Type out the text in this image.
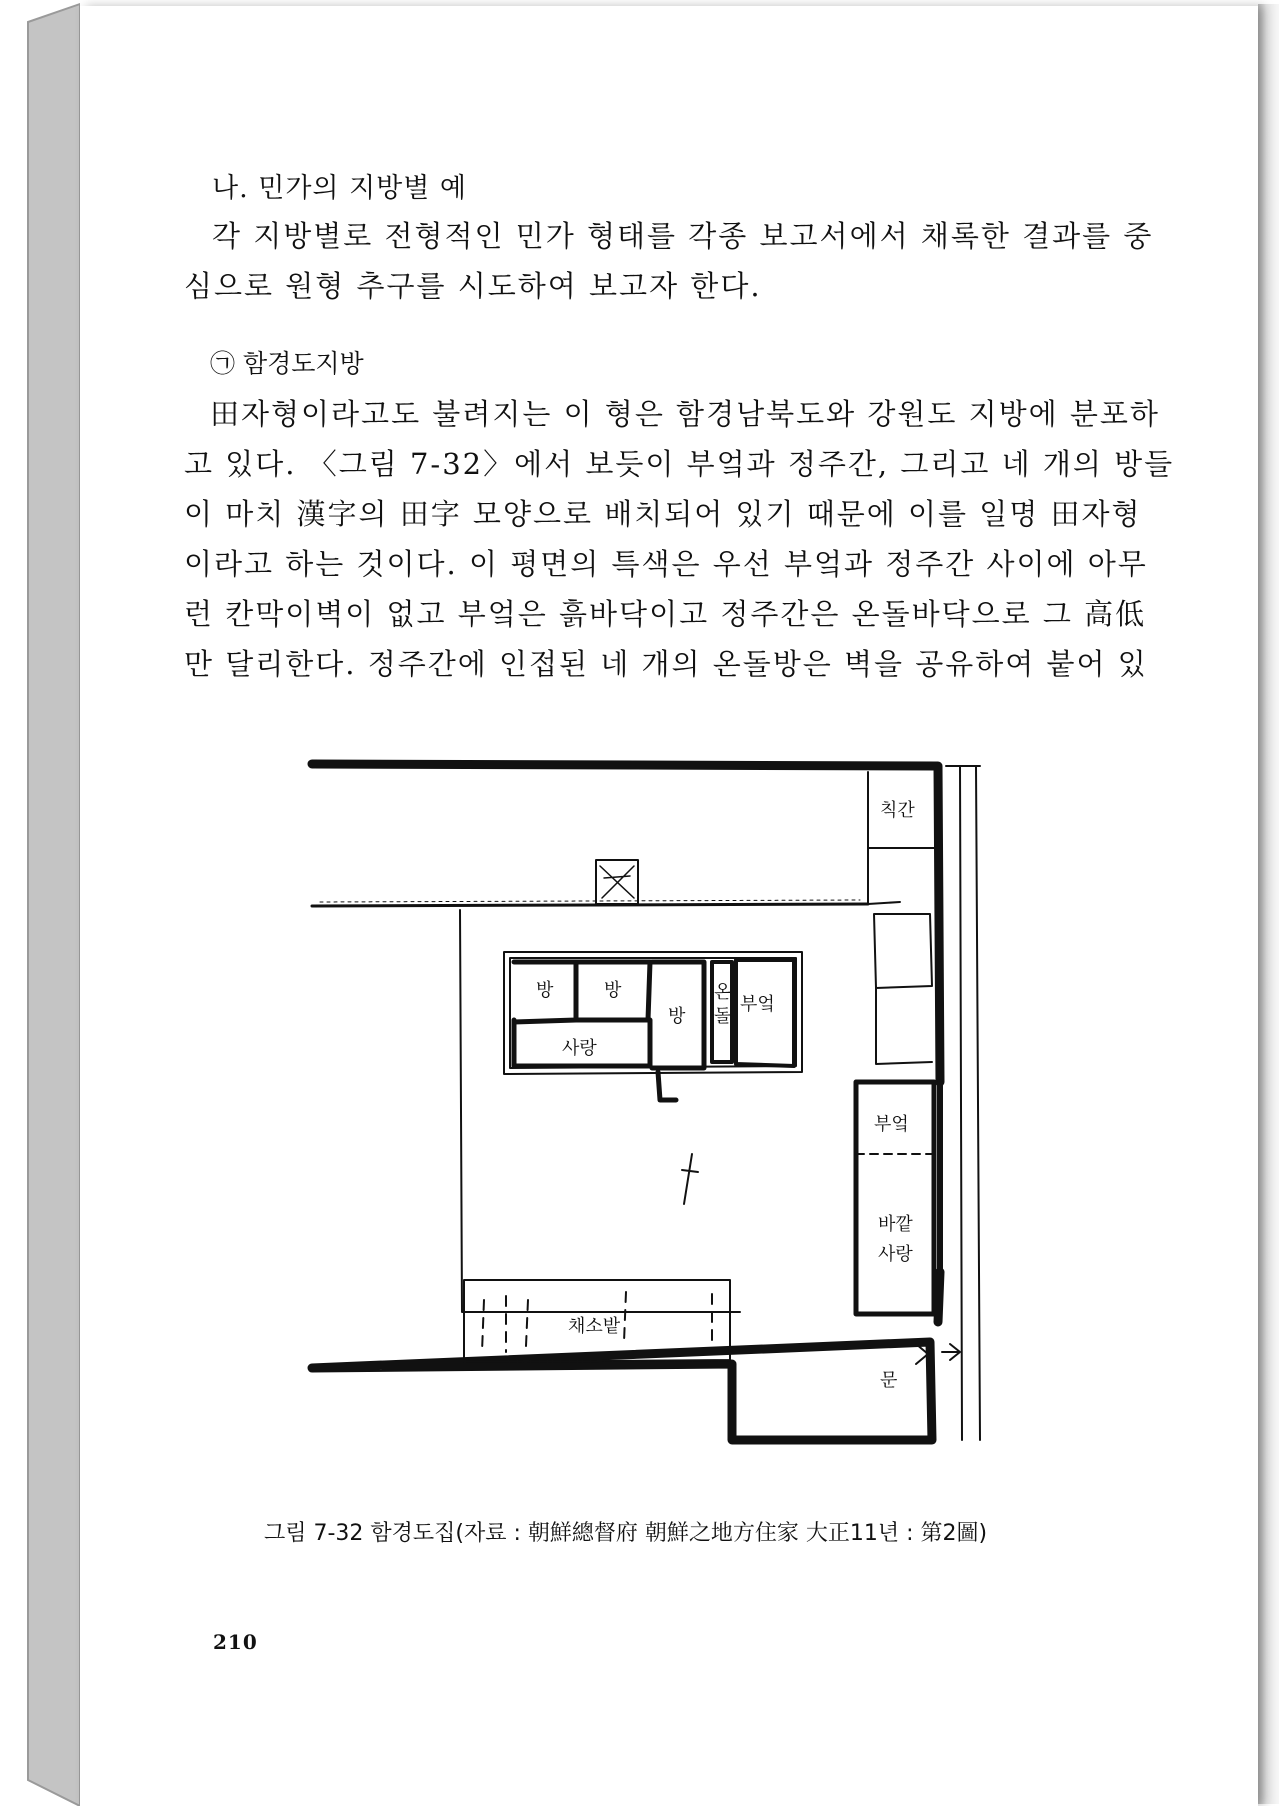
나. 민가의 지방별 예
각 지방별로 전형적인 민가 형태를 각종 보고서에서 채록한 결과를 중
심으로 원형 추구를 시도하여 보고자 한다.
㉠ 함경도지방
田자형이라고도 불려지는 이 형은 함경남북도와 강원도 지방에 분포하
고 있다. 〈그림 7-32〉에서 보듯이 부엌과 정주간, 그리고 네 개의 방들
이 마치 漢字의 田字 모양으로 배치되어 있기 때문에 이를 일명 田자형
이라고 하는 것이다. 이 평면의 특색은 우선 부엌과 정주간 사이에 아무
런 칸막이벽이 없고 부엌은 흙바닥이고 정주간은 온돌바닥으로 그 高低
만 달리한다. 정주간에 인접된 네 개의 온돌방은 벽을 공유하여 붙어 있
칙간
방	방
방
온
돌
부엌
사랑
부엌
바깥
사랑
채소밭
문
그림 7-32 함경도집(자료 : 朝鮮總督府 朝鮮之地方住家 大正11년 : 第2圖)
210
